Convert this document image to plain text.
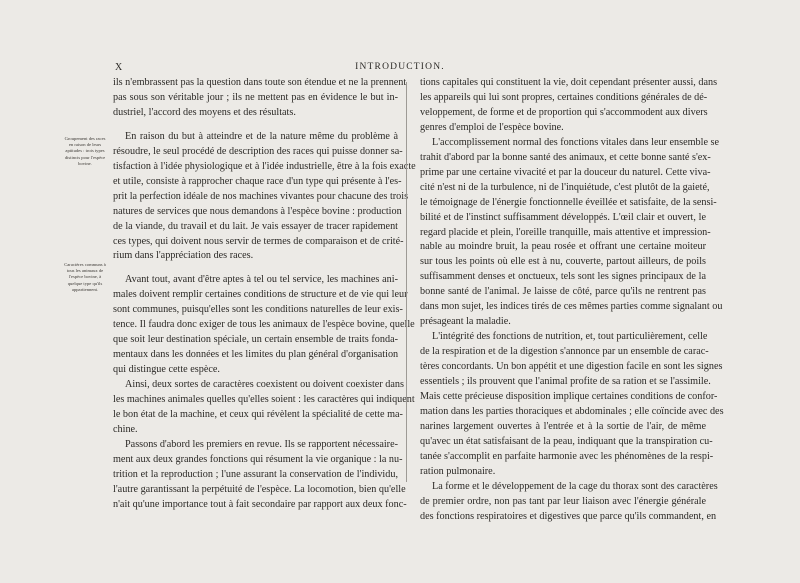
X	INTRODUCTION.
Groupement des races en raison de leurs aptitudes : trois types distincts pour l'espèce bovine.
Caractères communs à tous les animaux de l'espèce bovine, à quelque type qu'ils appartiennent.

ils n'embrassent pas la question dans toute son étendue et ne la prennent
pas sous son véritable jour ; ils ne mettent pas en évidence le but in-
dustriel, l'accord des moyens et des résultats.

En raison du but à atteindre et de la nature même du problème à
résoudre, le seul procédé de description des races qui puisse donner sa-
tisfaction à l'idée physiologique et à l'idée industrielle, être à la fois exacte
et utile, consiste à rapprocher chaque race d'un type qui présente à l'es-
prit la perfection idéale de nos machines vivantes pour chacune des trois
natures de services que nous demandons à l'espèce bovine : production
de la viande, du travail et du lait. Je vais essayer de tracer rapidement
ces types, qui doivent nous servir de termes de comparaison et de crité-
rium dans l'appréciation des races.

Avant tout, avant d'être aptes à tel ou tel service, les machines ani-
males doivent remplir certaines conditions de structure et de vie qui leur
sont communes, puisqu'elles sont les conditions naturelles de leur exis-
tence. Il faudra donc exiger de tous les animaux de l'espèce bovine, quelle
que soit leur destination spéciale, un certain ensemble de traits fonda-
mentaux dans les données et les limites du plan général d'organisation
qui distingue cette espèce.

Ainsi, deux sortes de caractères coexistent ou doivent coexister dans
les machines animales quelles qu'elles soient : les caractères qui indiquent
le bon état de la machine, et ceux qui révèlent la spécialité de cette ma-
chine.

Passons d'abord les premiers en revue. Ils se rapportent nécessaire-
ment aux deux grandes fonctions qui résument la vie organique : la nu-
trition et la reproduction ; l'une assurant la conservation de l'individu,
l'autre garantissant la perpétuité de l'espèce. La locomotion, bien qu'elle
n'ait qu'une importance tout à fait secondaire par rapport aux deux fonc-

tions capitales qui constituent la vie, doit cependant présenter aussi, dans
les appareils qui lui sont propres, certaines conditions générales de dé-
veloppement, de forme et de proportion qui s'accommodent aux divers
genres d'emploi de l'espèce bovine.

L'accomplissement normal des fonctions vitales dans leur ensemble se
trahit d'abord par la bonne santé des animaux, et cette bonne santé s'ex-
prime par une certaine vivacité et par la douceur du naturel. Cette viva-
cité n'est ni de la turbulence, ni de l'inquiétude, c'est plutôt de la gaieté,
le témoignage de l'énergie fonctionnelle éveillée et satisfaite, de la sensi-
bilité et de l'instinct suffisamment développés. L'œil clair et ouvert, le
regard placide et plein, l'oreille tranquille, mais attentive et impression-
nable au moindre bruit, la peau rosée et offrant une certaine moiteur
sur tous les points où elle est à nu, couverte, partout ailleurs, de poils
suffisamment denses et onctueux, tels sont les signes principaux de la
bonne santé de l'animal. Je laisse de côté, parce qu'ils ne rentrent pas
dans mon sujet, les indices tirés de ces mêmes parties comme signalant ou
présageant la maladie.

L'intégrité des fonctions de nutrition, et, tout particulièrement, celle
de la respiration et de la digestion s'annonce par un ensemble de carac-
tères concordants. Un bon appétit et une digestion facile en sont les signes
essentiels ; ils prouvent que l'animal profite de sa ration et se l'assimile.
Mais cette précieuse disposition implique certaines conditions de confor-
mation dans les parties thoraciques et abdominales ; elle coïncide avec des
narines largement ouvertes à l'entrée et à la sortie de l'air, de même
qu'avec un état satisfaisant de la peau, indiquant que la transpiration cu-
tanée s'accomplit en parfaite harmonie avec les phénomènes de la respi-
ration pulmonaire.

La forme et le développement de la cage du thorax sont des caractères
de premier ordre, non pas tant par leur liaison avec l'énergie générale
des fonctions respiratoires et digestives que parce qu'ils commandent, en
